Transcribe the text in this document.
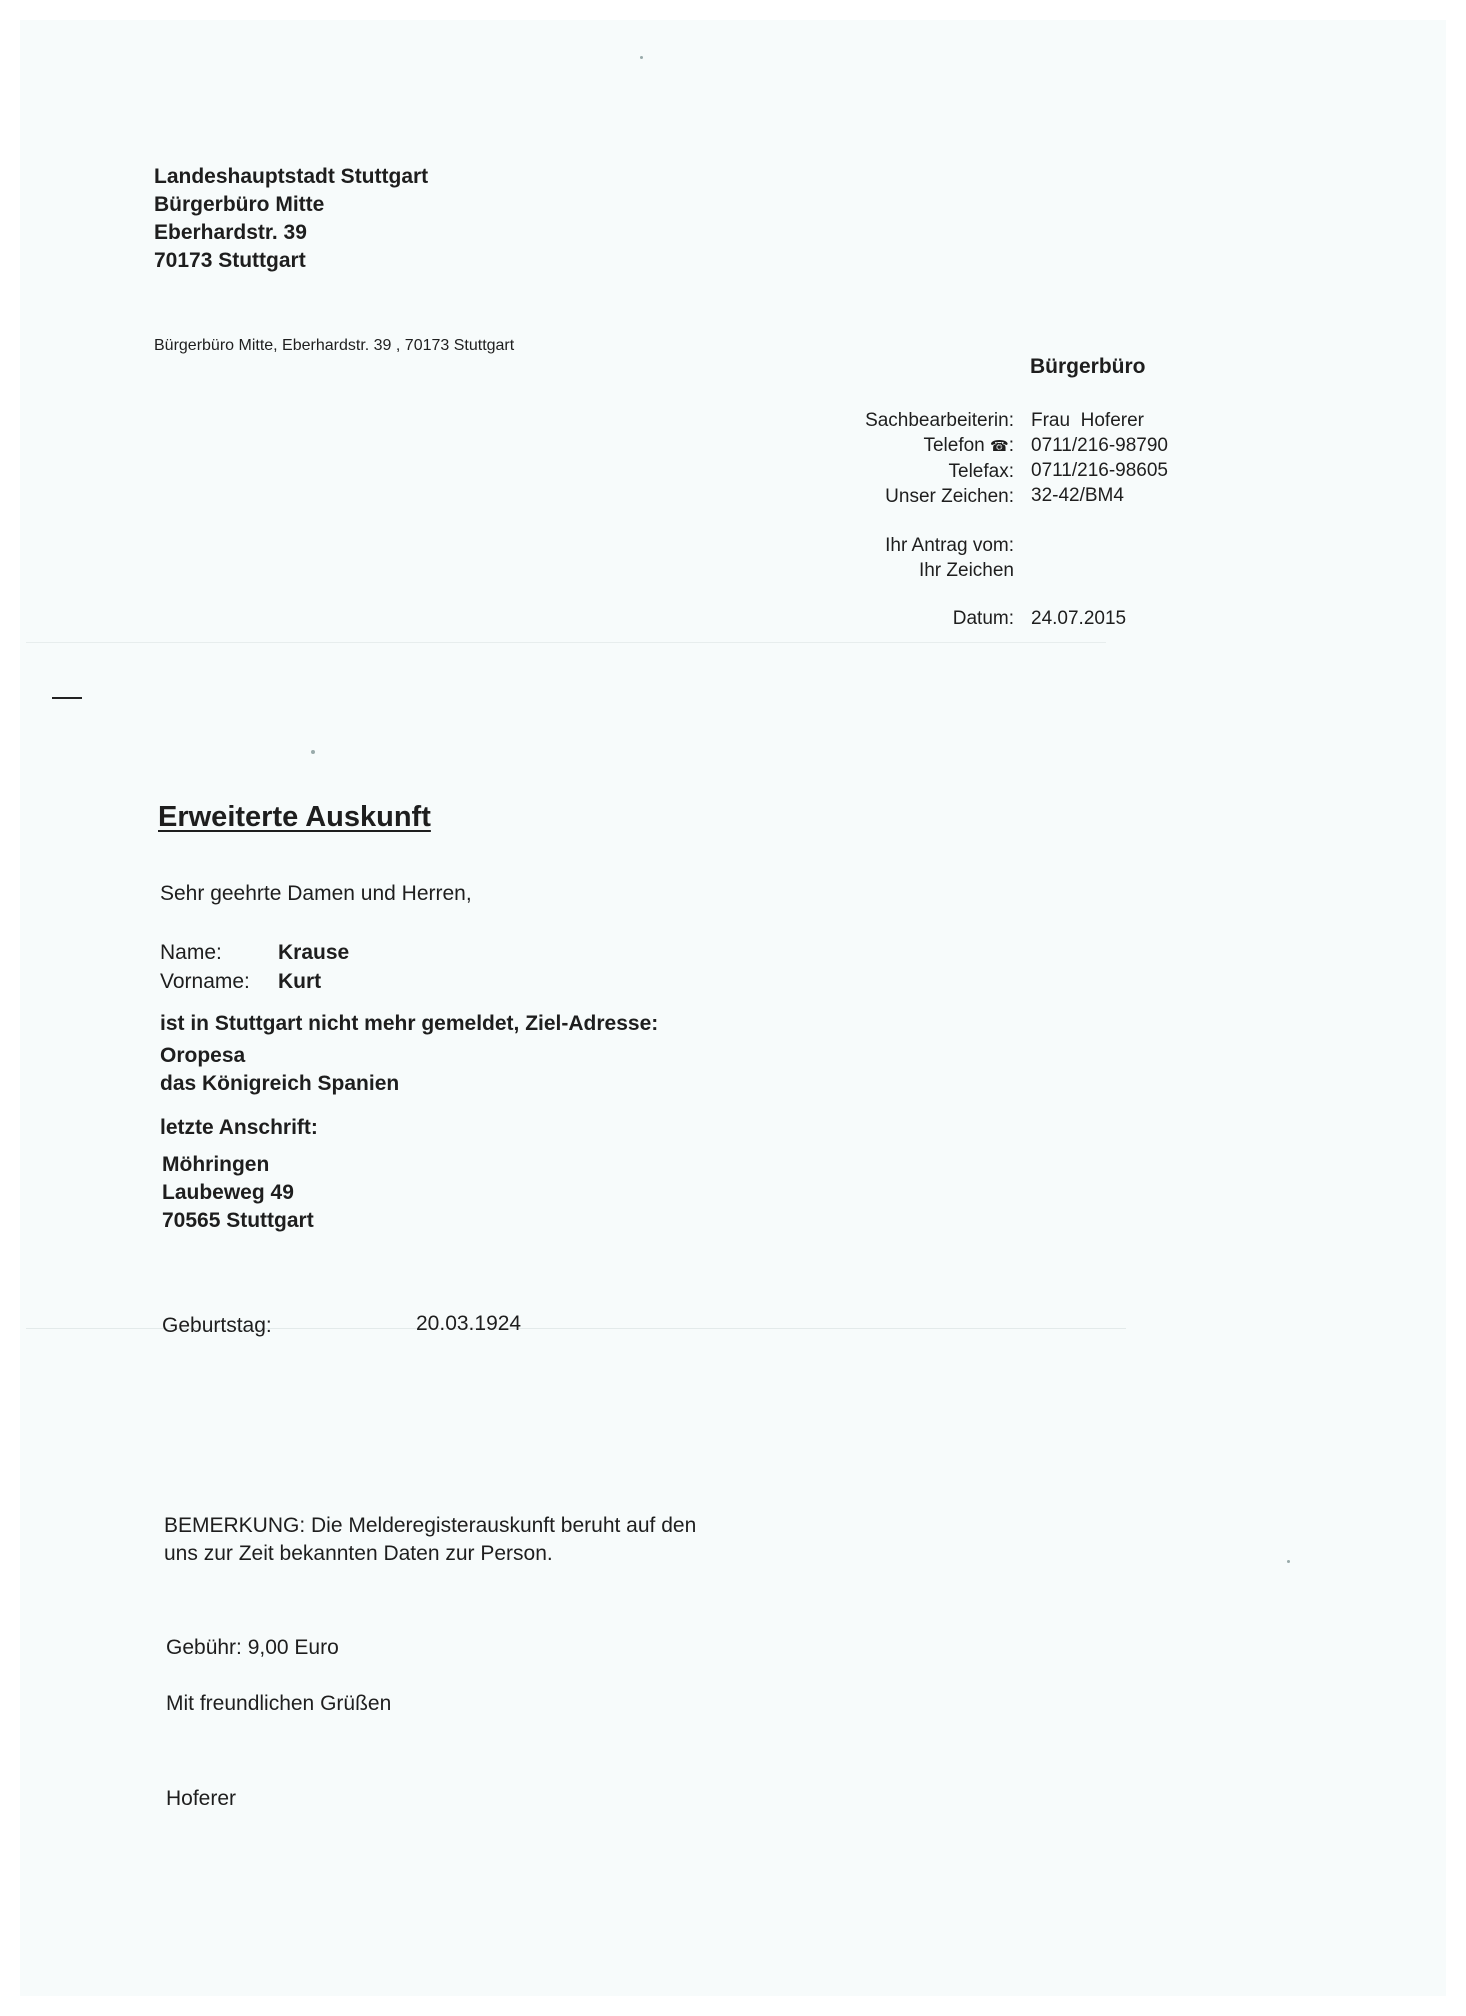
Landeshauptstadt Stuttgart
Bürgerbüro Mitte
Eberhardstr. 39
70173 Stuttgart
Bürgerbüro Mitte, Eberhardstr. 39 , 70173 Stuttgart
Bürgerbüro
Sachbearbeiterin:
Telefon ☎:
Telefax:
Unser Zeichen:
Frau  Hoferer
0711/216-98790
0711/216-98605
32-42/BM4
Ihr Antrag vom:
Ihr Zeichen
Datum: 24.07.2015
Erweiterte Auskunft
Sehr geehrte Damen und Herren,
Name:
Vorname:
Krause
Kurt
ist in Stuttgart nicht mehr gemeldet, Ziel-Adresse:
Oropesa
das Königreich Spanien
letzte Anschrift:
Möhringen
Laubeweg 49
70565 Stuttgart
Geburtstag:	20.03.1924
BEMERKUNG: Die Melderegisterauskunft beruht auf den
uns zur Zeit bekannten Daten zur Person.
Gebühr: 9,00 Euro
Mit freundlichen Grüßen
Hoferer
